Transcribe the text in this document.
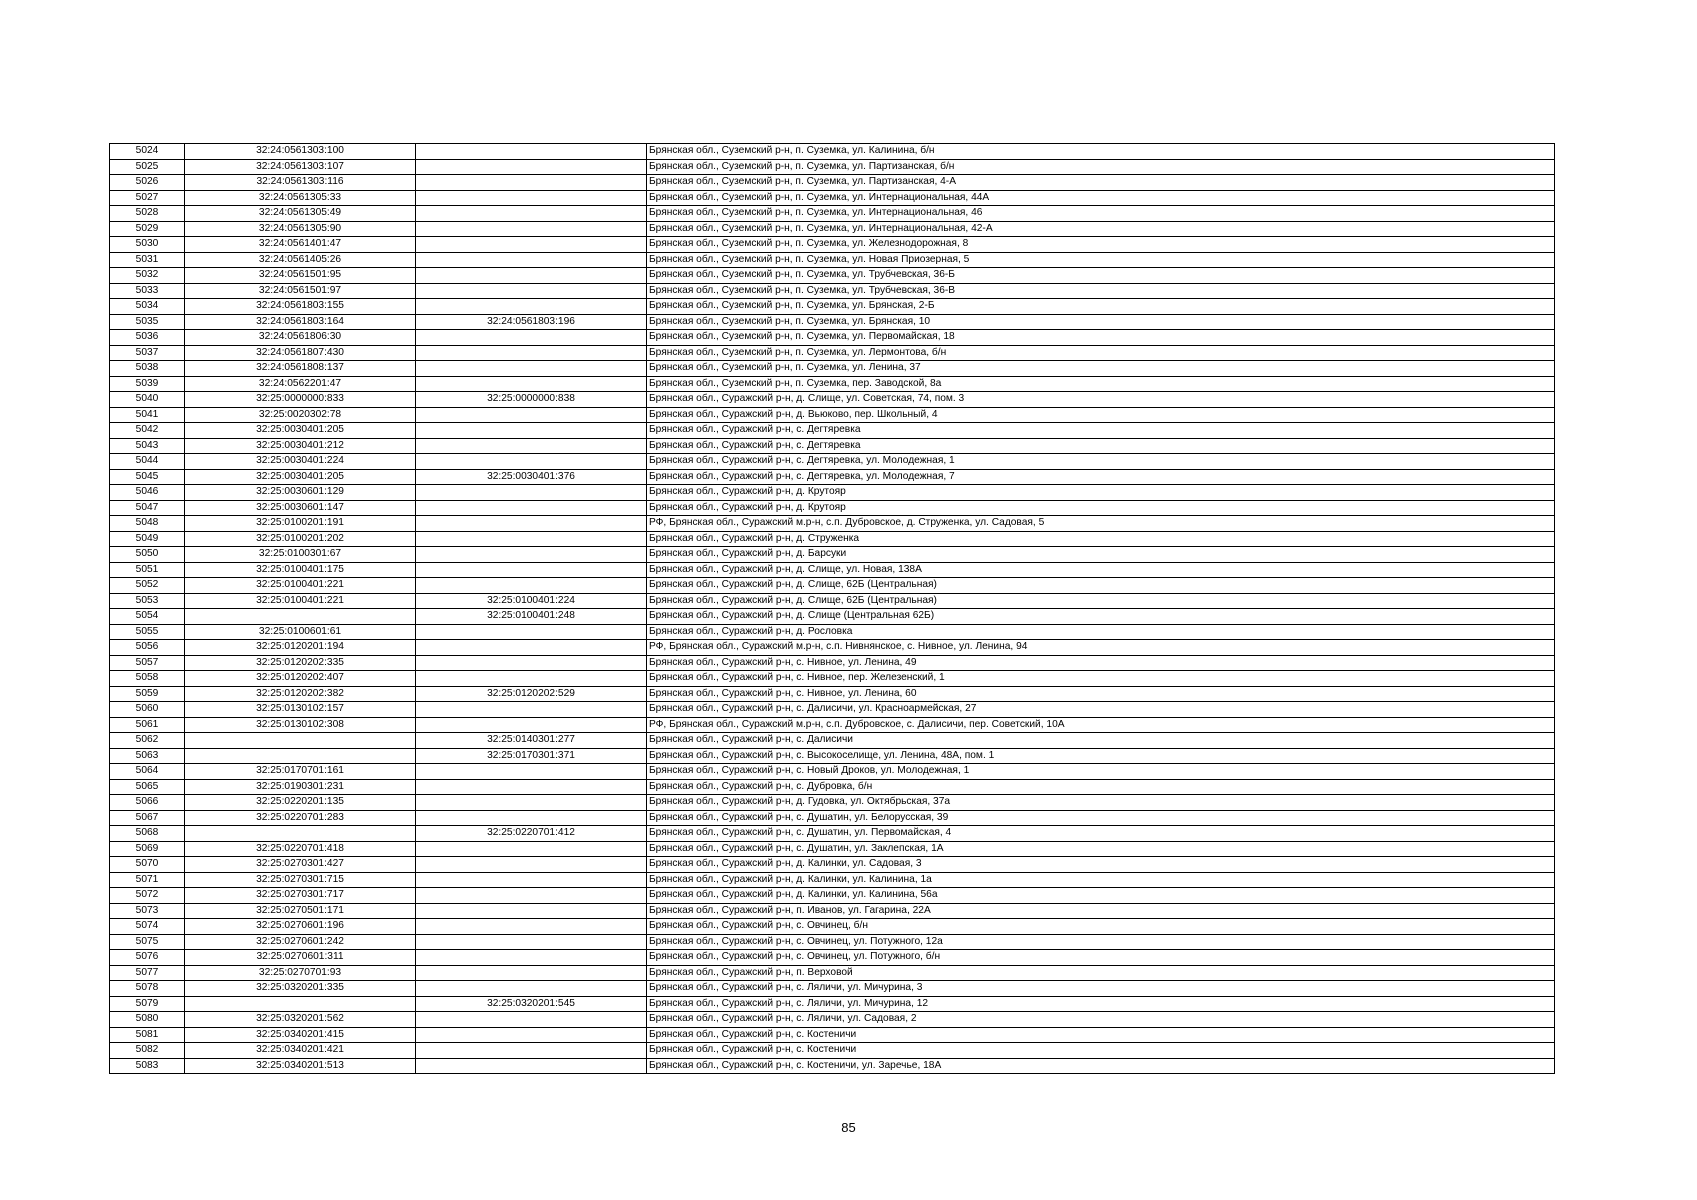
5024	32:24:0561303:100		Брянская обл., Суземский р-н, п. Суземка, ул. Калинина, б/н
5025	32:24:0561303:107		Брянская обл., Суземский р-н, п. Суземка, ул. Партизанская, б/н
5026	32:24:0561303:116		Брянская обл., Суземский р-н, п. Суземка, ул. Партизанская, 4-А
5027	32:24:0561305:33		Брянская обл., Суземский р-н, п. Суземка, ул. Интернациональная, 44А
5028	32:24:0561305:49		Брянская обл., Суземский р-н, п. Суземка, ул. Интернациональная, 46
5029	32:24:0561305:90		Брянская обл., Суземский р-н, п. Суземка, ул. Интернациональная, 42-А
5030	32:24:0561401:47		Брянская обл., Суземский р-н, п. Суземка, ул. Железнодорожная, 8
5031	32:24:0561405:26		Брянская обл., Суземский р-н, п. Суземка, ул. Новая Приозерная, 5
5032	32:24:0561501:95		Брянская обл., Суземский р-н, п. Суземка, ул. Трубчевская, 36-Б
5033	32:24:0561501:97		Брянская обл., Суземский р-н, п. Суземка, ул. Трубчевская, 36-В
5034	32:24:0561803:155		Брянская обл., Суземский р-н, п. Суземка, ул. Брянская, 2-Б
5035	32:24:0561803:164	32:24:0561803:196	Брянская обл., Суземский р-н, п. Суземка, ул. Брянская, 10
5036	32:24:0561806:30		Брянская обл., Суземский р-н, п. Суземка, ул. Первомайская, 18
5037	32:24:0561807:430		Брянская обл., Суземский р-н, п. Суземка, ул. Лермонтова, б/н
5038	32:24:0561808:137		Брянская обл., Суземский р-н, п. Суземка, ул. Ленина, 37
5039	32:24:0562201:47		Брянская обл., Суземский р-н, п. Суземка, пер. Заводской, 8а
5040	32:25:0000000:833	32:25:0000000:838	Брянская обл., Суражский р-н, д. Слище, ул. Советская, 74, пом. 3
5041	32:25:0020302:78		Брянская обл., Суражский р-н, д. Вьюково, пер. Школьный, 4
5042	32:25:0030401:205		Брянская обл., Суражский р-н, с. Дегтяревка
5043	32:25:0030401:212		Брянская обл., Суражский р-н, с. Дегтяревка
5044	32:25:0030401:224		Брянская обл., Суражский р-н, с. Дегтяревка, ул. Молодежная, 1
5045	32:25:0030401:205	32:25:0030401:376	Брянская обл., Суражский р-н, с. Дегтяревка, ул. Молодежная, 7
5046	32:25:0030601:129		Брянская обл., Суражский р-н, д. Крутояр
5047	32:25:0030601:147		Брянская обл., Суражский р-н, д. Крутояр
5048	32:25:0100201:191		РФ, Брянская обл., Суражский м.р-н, с.п. Дубровское, д. Струженка, ул. Садовая, 5
5049	32:25:0100201:202		Брянская обл., Суражский р-н, д. Струженка
5050	32:25:0100301:67		Брянская обл., Суражский р-н, д. Барсуки
5051	32:25:0100401:175		Брянская обл., Суражский р-н, д. Слище, ул. Новая, 138А
5052	32:25:0100401:221		Брянская обл., Суражский р-н, д. Слище, 62Б (Центральная)
5053	32:25:0100401:221	32:25:0100401:224	Брянская обл., Суражский р-н, д. Слище, 62Б (Центральная)
5054		32:25:0100401:248	Брянская обл., Суражский р-н, д. Слище (Центральная 62Б)
5055	32:25:0100601:61		Брянская обл., Суражский р-н, д. Рословка
5056	32:25:0120201:194		РФ, Брянская обл., Суражский м.р-н, с.п. Нивнянское, с. Нивное, ул. Ленина, 94
5057	32:25:0120202:335		Брянская обл., Суражский р-н, с. Нивное, ул. Ленина, 49
5058	32:25:0120202:407		Брянская обл., Суражский р-н, с. Нивное, пер. Железенский, 1
5059	32:25:0120202:382	32:25:0120202:529	Брянская обл., Суражский р-н, с. Нивное, ул. Ленина, 60
5060	32:25:0130102:157		Брянская обл., Суражский р-н, с. Далисичи, ул. Красноармейская, 27
5061	32:25:0130102:308		РФ, Брянская обл., Суражский м.р-н, с.п. Дубровское, с. Далисичи, пер. Советский, 10А
5062		32:25:0140301:277	Брянская обл., Суражский р-н, с. Далисичи
5063		32:25:0170301:371	Брянская обл., Суражский р-н, с. Высокоселище, ул. Ленина, 48А, пом. 1
5064	32:25:0170701:161		Брянская обл., Суражский р-н, с. Новый Дроков, ул. Молодежная, 1
5065	32:25:0190301:231		Брянская обл., Суражский р-н, с. Дубровка, б/н
5066	32:25:0220201:135		Брянская обл., Суражский р-н, д. Гудовка, ул. Октябрьская, 37а
5067	32:25:0220701:283		Брянская обл., Суражский р-н, с. Душатин, ул. Белорусская, 39
5068		32:25:0220701:412	Брянская обл., Суражский р-н, с. Душатин, ул. Первомайская, 4
5069	32:25:0220701:418		Брянская обл., Суражский р-н, с. Душатин, ул. Заклепская, 1А
5070	32:25:0270301:427		Брянская обл., Суражский р-н, д. Калинки, ул. Садовая, 3
5071	32:25:0270301:715		Брянская обл., Суражский р-н, д. Калинки, ул. Калинина, 1а
5072	32:25:0270301:717		Брянская обл., Суражский р-н, д. Калинки, ул. Калинина, 56а
5073	32:25:0270501:171		Брянская обл., Суражский р-н, п. Иванов, ул. Гагарина, 22А
5074	32:25:0270601:196		Брянская обл., Суражский р-н, с. Овчинец, б/н
5075	32:25:0270601:242		Брянская обл., Суражский р-н, с. Овчинец, ул. Потужного, 12а
5076	32:25:0270601:311		Брянская обл., Суражский р-н, с. Овчинец, ул. Потужного, б/н
5077	32:25:0270701:93		Брянская обл., Суражский р-н, п. Верховой
5078	32:25:0320201:335		Брянская обл., Суражский р-н, с. Ляличи, ул. Мичурина, 3
5079		32:25:0320201:545	Брянская обл., Суражский р-н, с. Ляличи, ул. Мичурина, 12
5080	32:25:0320201:562		Брянская обл., Суражский р-н, с. Ляличи, ул. Садовая, 2
5081	32:25:0340201:415		Брянская обл., Суражский р-н, с. Костеничи
5082	32:25:0340201:421		Брянская обл., Суражский р-н, с. Костеничи
5083	32:25:0340201:513		Брянская обл., Суражский р-н, с. Костеничи, ул. Заречье, 18А
85
